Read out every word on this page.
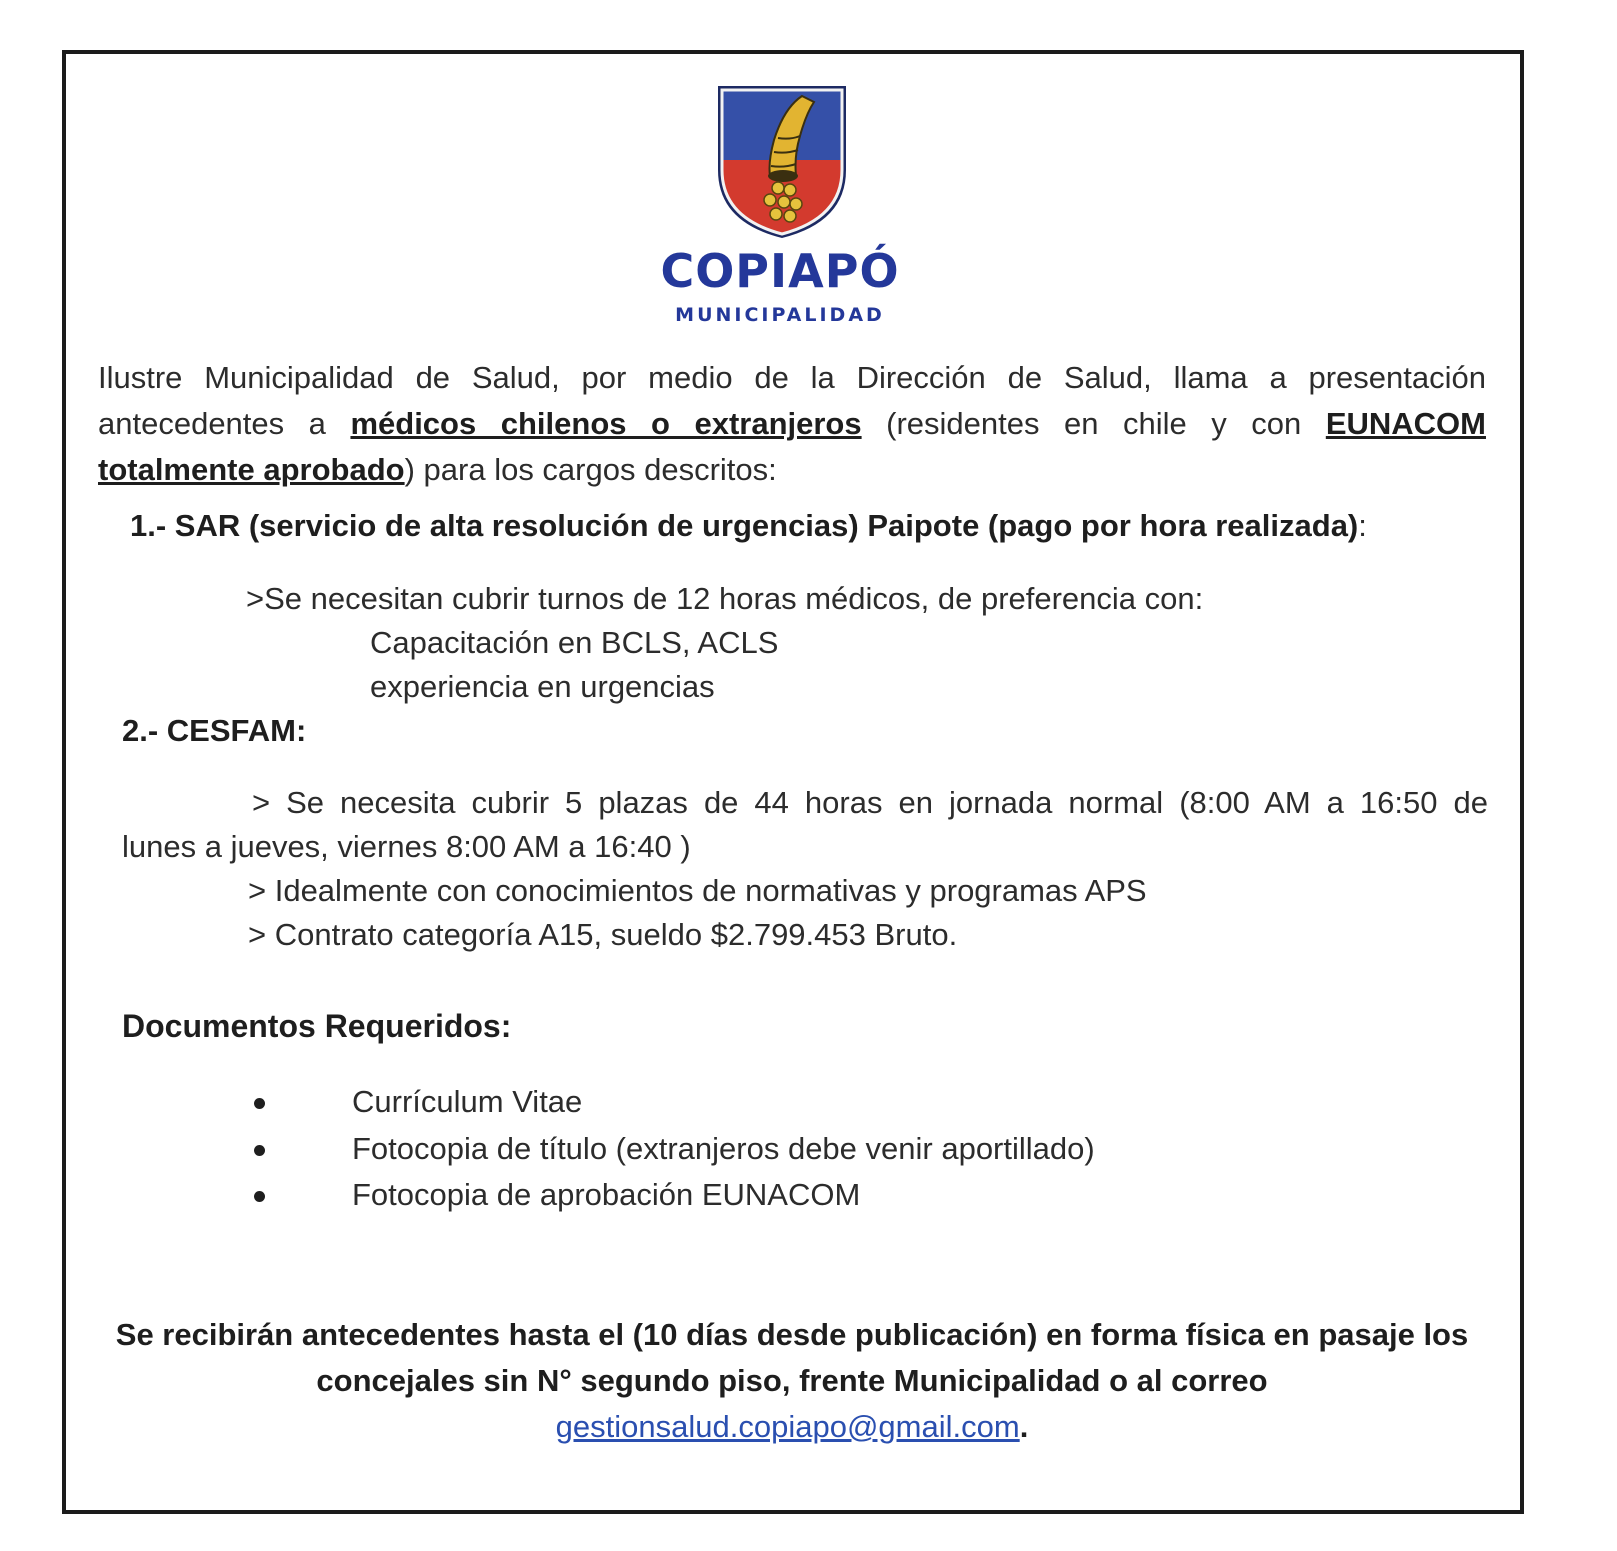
COPIAPÓ
MUNICIPALIDAD
Ilustre Municipalidad de Salud, por medio de la Dirección de Salud, llama a presentación
antecedentes a médicos chilenos o extranjeros (residentes en chile y con EUNACOM
totalmente aprobado) para los cargos descritos:
1.- SAR (servicio de alta resolución de urgencias) Paipote (pago por hora realizada):
>Se necesitan cubrir turnos de 12 horas médicos, de preferencia con:
Capacitación en BCLS, ACLS
experiencia en urgencias
2.- CESFAM:
> Se necesita cubrir 5 plazas de 44 horas en jornada normal (8:00 AM a 16:50 de
lunes a jueves, viernes 8:00 AM a 16:40 )
> Idealmente con conocimientos de normativas y programas APS
> Contrato categoría A15, sueldo $2.799.453 Bruto.
Documentos Requeridos:
Currículum Vitae
Fotocopia de título (extranjeros debe venir aportillado)
Fotocopia de aprobación EUNACOM
Se recibirán antecedentes hasta el (10 días desde publicación) en forma física en pasaje los
concejales sin N° segundo piso, frente Municipalidad o al correo
gestionsalud.copiapo@gmail.com.
